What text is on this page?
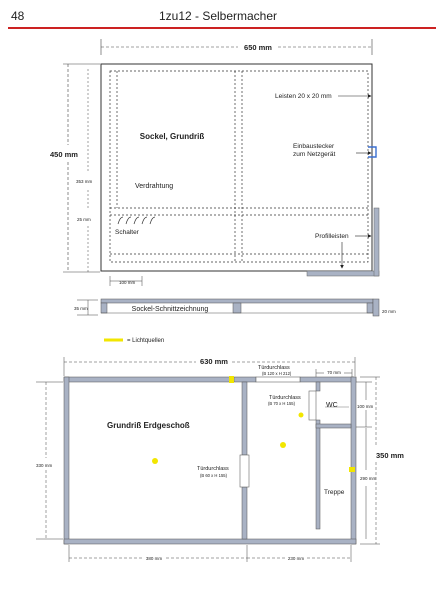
48	1zu12 - Selbermacher
650 mm
450 mm
353 mm
25 mm
Sockel, Grundriß
Verdrahtung
Schalter
Leisten 20 x 20 mm
Einbaustecker
zum Netzgerät
Profilleisten
100 mm
35 mm	Sockel-Schnittzeichnung	20 mm
= Lichtquellen
630 mm
70 mm
Grundriß Erdgeschoß
Türdurchlass
(B 120 x H 212)
Türdurchlass
(B 70 x H 155)
Türdurchlass
(B 60 x H 155)
WC
Treppe
100 mm
350 mm
290 mm
330 mm
380 mm	230 mm
